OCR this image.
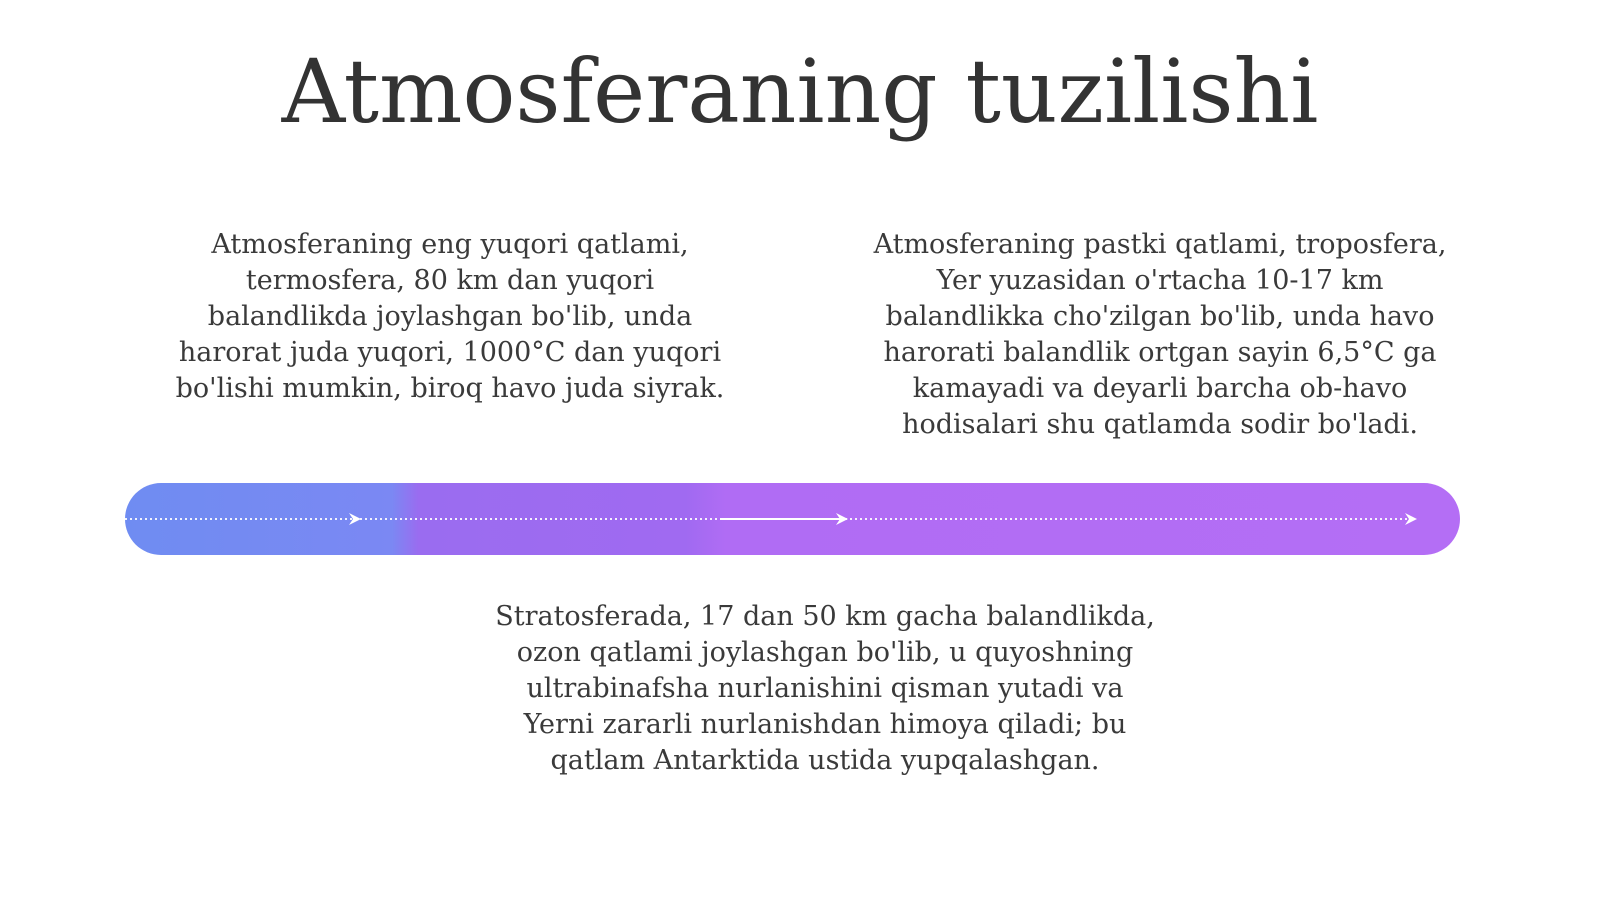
Atmosferaning tuzilishi
Atmosferaning eng yuqori qatlami,
termosfera, 80 km dan yuqori
balandlikda joylashgan bo'lib, unda
harorat juda yuqori, 1000°C dan yuqori
bo'lishi mumkin, biroq havo juda siyrak.
Atmosferaning pastki qatlami, troposfera,
Yer yuzasidan o'rtacha 10-17 km
balandlikka cho'zilgan bo'lib, unda havo
harorati balandlik ortgan sayin 6,5°C ga
kamayadi va deyarli barcha ob-havo
hodisalari shu qatlamda sodir bo'ladi.
Stratosferada, 17 dan 50 km gacha balandlikda,
ozon qatlami joylashgan bo'lib, u quyoshning
ultrabinafsha nurlanishini qisman yutadi va
Yerni zararli nurlanishdan himoya qiladi; bu
qatlam Antarktida ustida yupqalashgan.
